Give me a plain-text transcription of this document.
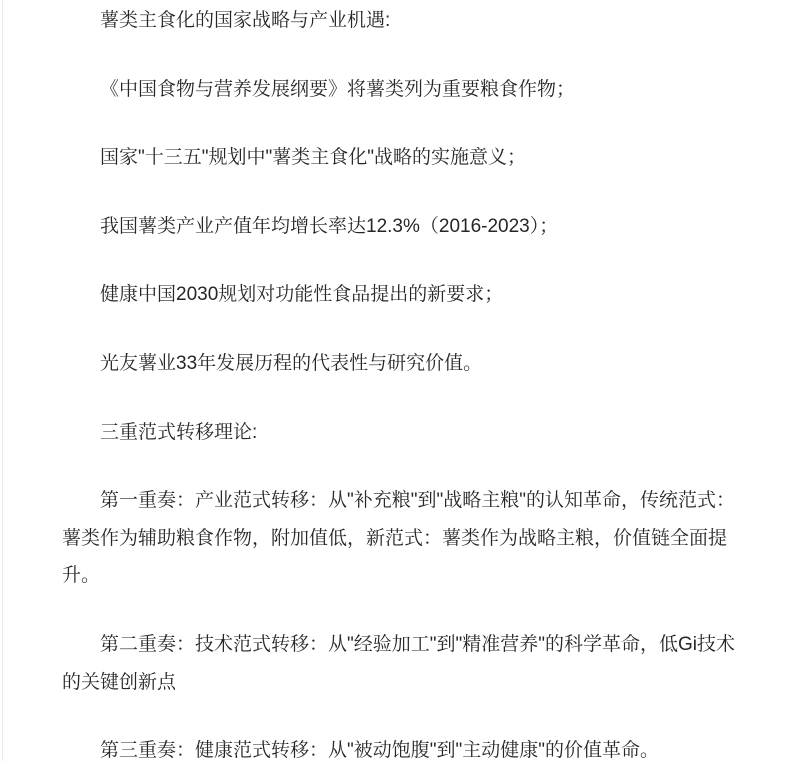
薯类主食化的国家战略与产业机遇:

《中国食物与营养发展纲要》将薯类列为重要粮食作物；

国家"十三五"规划中"薯类主食化"战略的实施意义；

我国薯类产业产值年均增长率达12.3%（2016-2023）；

健康中国2030规划对功能性食品提出的新要求；

光友薯业33年发展历程的代表性与研究价值。

三重范式转移理论:

第一重奏：产业范式转移：从"补充粮"到"战略主粮"的认知革命，传统范式：薯类作为辅助粮食作物，附加值低，新范式：薯类作为战略主粮，价值链全面提升。

第二重奏：技术范式转移：从"经验加工"到"精准营养"的科学革命，低Gi技术的关键创新点

第三重奏：健康范式转移：从"被动饱腹"到"主动健康"的价值革命。
